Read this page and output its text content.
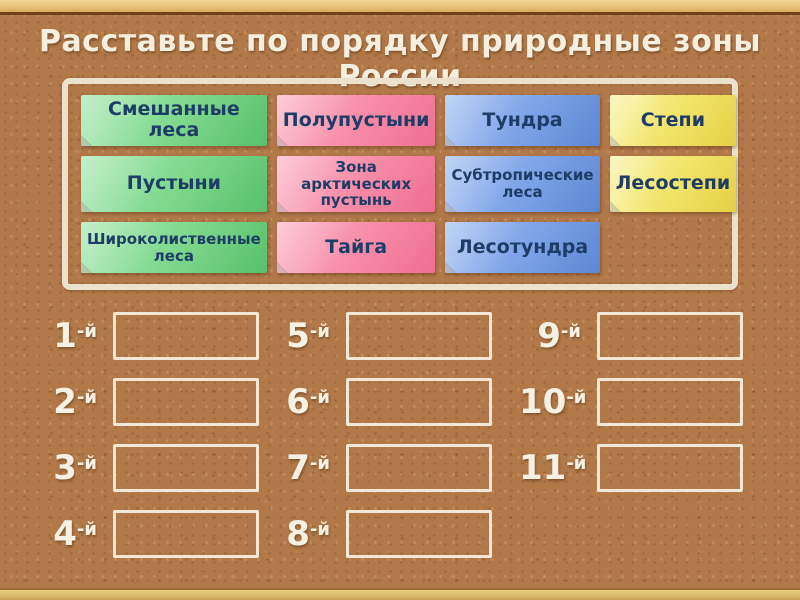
Расставьте по порядку природные зоны России
Смешанные леса	Полупустыни	Тундра	Степи
Пустыни
Зона арктических пустынь
Субтропические леса	Лесостепи
Широколиственные леса	Тайга	Лесотундра
$1^{-й}$
$2^{-й}$
$3^{-й}$
$4^{-й}$
$5^{-й}$
$6^{-й}$
$7^{-й}$
$8^{-й}$
$9^{-й}$
$10^{-й}$
$11^{-й}$
